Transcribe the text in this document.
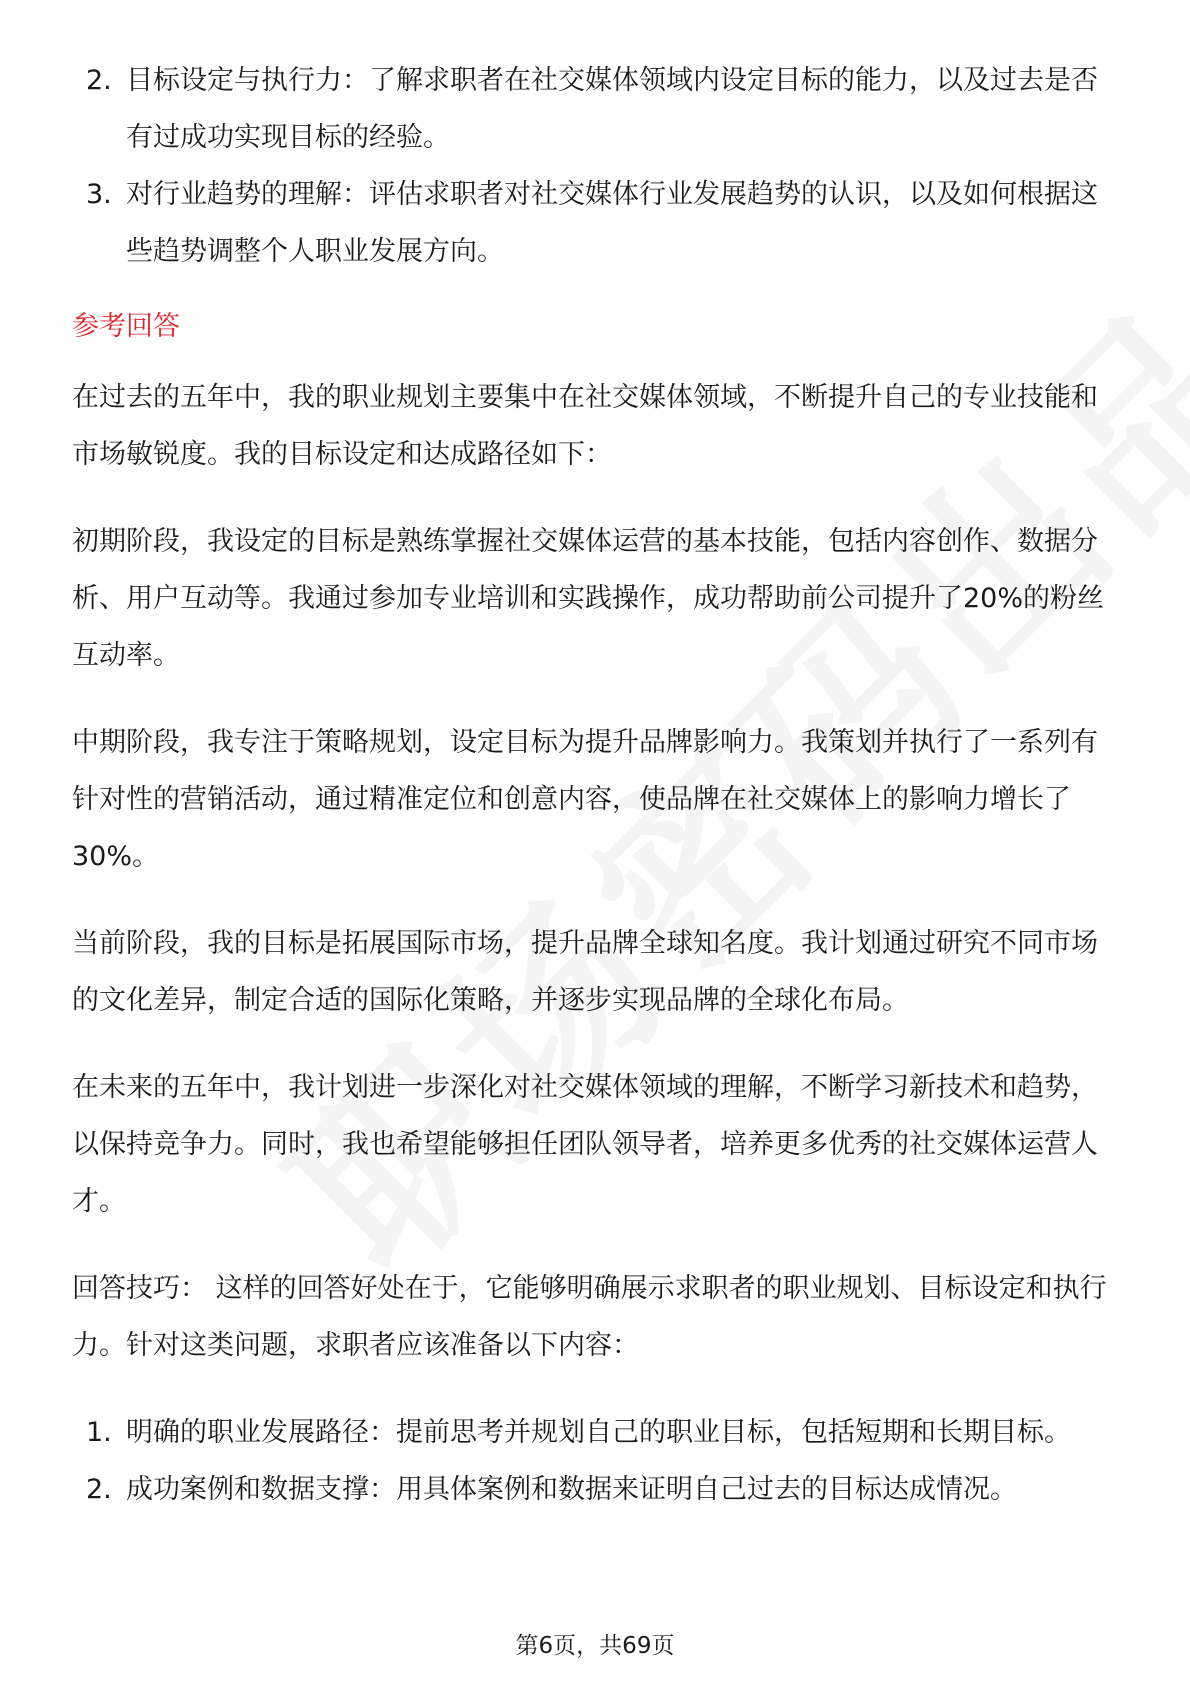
2. 目标设定与执行力：了解求职者在社交媒体领域内设定目标的能力，以及过去是否有过成功实现目标的经验。
3. 对行业趋势的理解：评估求职者对社交媒体行业发展趋势的认识，以及如何根据这些趋势调整个人职业发展方向。
参考回答

在过去的五年中，我的职业规划主要集中在社交媒体领域，不断提升自己的专业技能和市场敏锐度。我的目标设定和达成路径如下：

初期阶段，我设定的目标是熟练掌握社交媒体运营的基本技能，包括内容创作、数据分析、用户互动等。我通过参加专业培训和实践操作，成功帮助前公司提升了20%的粉丝互动率。

中期阶段，我专注于策略规划，设定目标为提升品牌影响力。我策划并执行了一系列有针对性的营销活动，通过精准定位和创意内容，使品牌在社交媒体上的影响力增长了30%。

当前阶段，我的目标是拓展国际市场，提升品牌全球知名度。我计划通过研究不同市场的文化差异，制定合适的国际化策略，并逐步实现品牌的全球化布局。

在未来的五年中，我计划进一步深化对社交媒体领域的理解，不断学习新技术和趋势，以保持竞争力。同时，我也希望能够担任团队领导者，培养更多优秀的社交媒体运营人才。

回答技巧： 这样的回答好处在于，它能够明确展示求职者的职业规划、目标设定和执行力。针对这类问题，求职者应该准备以下内容：

1. 明确的职业发展路径：提前思考并规划自己的职业目标，包括短期和长期目标。
2. 成功案例和数据支撑：用具体案例和数据来证明自己过去的目标达成情况。
第6页，共69页
